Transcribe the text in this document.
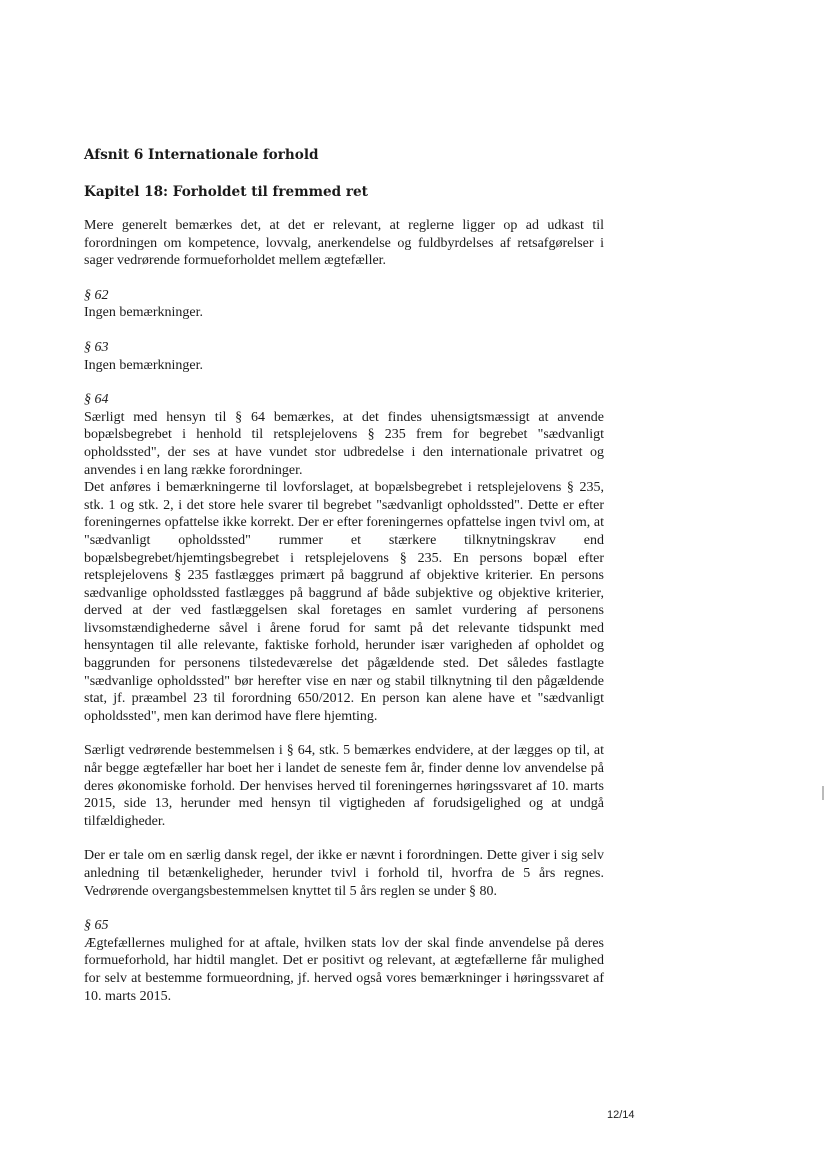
Afsnit 6 Internationale forhold
Kapitel 18: Forholdet til fremmed ret

Mere generelt bemærkes det, at det er relevant, at reglerne ligger op ad udkast til forordningen om kompetence, lovvalg, anerkendelse og fuldbyrdelses af retsafgørelser i sager vedrørende formueforholdet mellem ægtefæller.

§ 62

Ingen bemærkninger.

§ 63

Ingen bemærkninger.

§ 64

Særligt med hensyn til § 64 bemærkes, at det findes uhensigtsmæssigt at anvende bopælsbegrebet i henhold til retsplejelovens § 235 frem for begrebet "sædvanligt opholdssted", der ses at have vundet stor udbredelse i den internationale privatret og anvendes i en lang række forordninger.

Det anføres i bemærkningerne til lovforslaget, at bopælsbegrebet i retsplejelovens § 235, stk. 1 og stk. 2, i det store hele svarer til begrebet "sædvanligt opholdssted". Dette er efter foreningernes opfattelse ikke korrekt. Der er efter foreningernes opfattelse ingen tvivl om, at "sædvanligt opholdssted" rummer et stærkere tilknytningskrav end bopælsbegrebet/hjemtingsbegrebet i retsplejelovens § 235. En persons bopæl efter retsplejelovens § 235 fastlægges primært på baggrund af objektive kriterier. En persons sædvanlige opholdssted fastlægges på baggrund af både subjektive og objektive kriterier, derved at der ved fastlæggelsen skal foretages en samlet vurdering af personens livsomstændighederne såvel i årene forud for samt på det relevante tidspunkt med hensyntagen til alle relevante, faktiske forhold, herunder især varigheden af opholdet og baggrunden for personens tilstedeværelse det pågældende sted. Det således fastlagte "sædvanlige opholdssted" bør herefter vise en nær og stabil tilknytning til den pågældende stat, jf. præambel 23 til forordning 650/2012. En person kan alene have et "sædvanligt opholdssted", men kan derimod have flere hjemting.

Særligt vedrørende bestemmelsen i § 64, stk. 5 bemærkes endvidere, at der lægges op til, at når begge ægtefæller har boet her i landet de seneste fem år, finder denne lov anvendelse på deres økonomiske forhold. Der henvises herved til foreningernes høringssvaret af 10. marts 2015, side 13, herunder med hensyn til vigtigheden af forudsigelighed og at undgå tilfældigheder.

Der er tale om en særlig dansk regel, der ikke er nævnt i forordningen. Dette giver i sig selv anledning til betænkeligheder, herunder tvivl i forhold til, hvorfra de 5 års regnes. Vedrørende overgangsbestemmelsen knyttet til 5 års reglen se under § 80.

§ 65

Ægtefællernes mulighed for at aftale, hvilken stats lov der skal finde anvendelse på deres formueforhold, har hidtil manglet. Det er positivt og relevant, at ægtefællerne får mulighed for selv at bestemme formueordning, jf. herved også vores bemærkninger i høringssvaret af 10. marts 2015.

12/14
